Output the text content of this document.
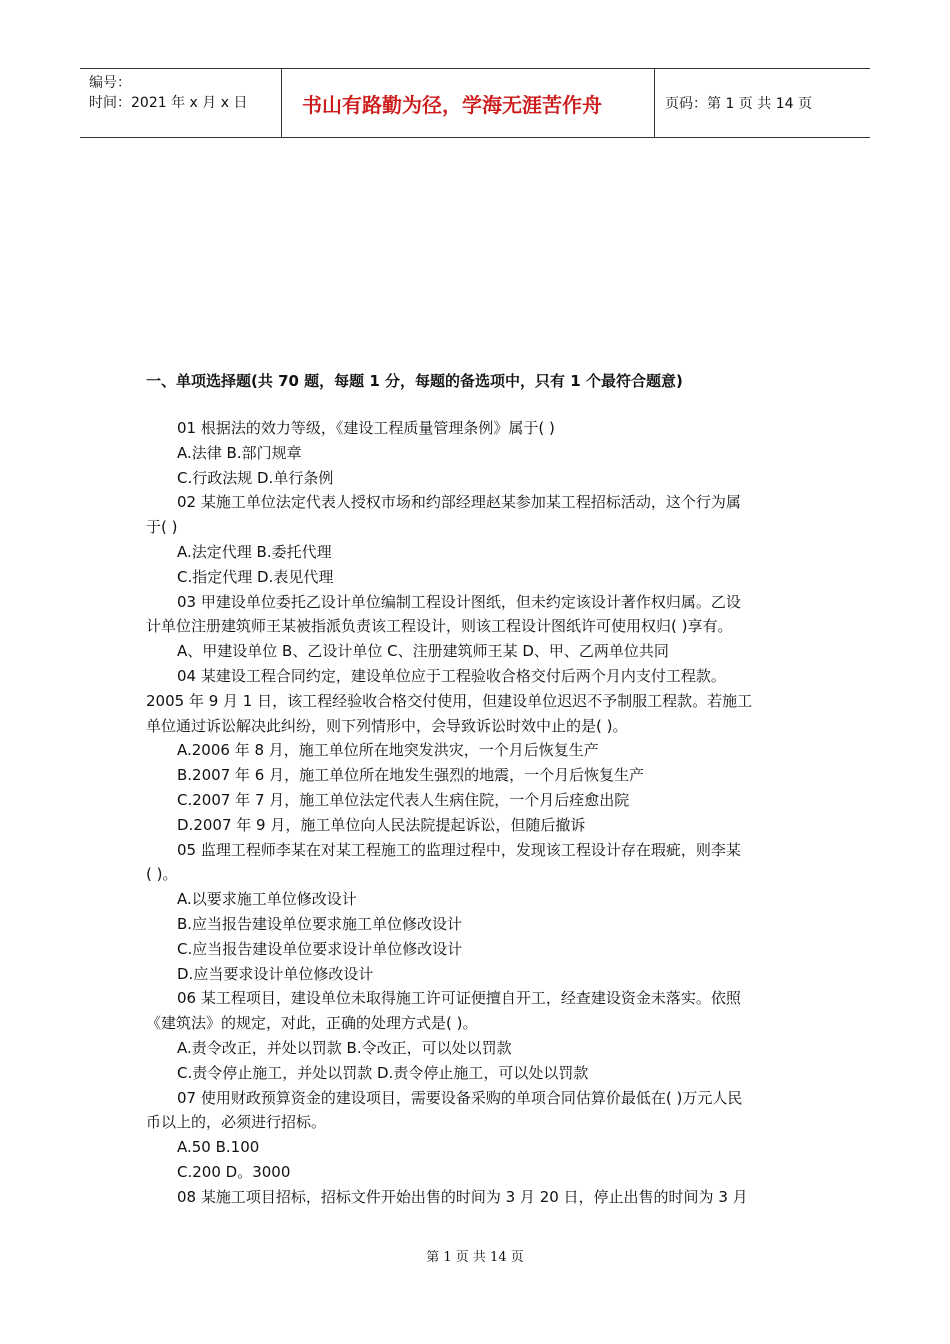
编号：
时间：2021 年 x 月 x 日	书山有路勤为径，学海无涯苦作舟	页码：第 1 页 共 14 页
一、单项选择题(共 70 题，每题 1 分，每题的备选项中，只有 1 个最符合题意)
01 根据法的效力等级，《建设工程质量管理条例》属于( )
A.法律 B.部门规章
C.行政法规 D.单行条例
02 某施工单位法定代表人授权市场和约部经理赵某参加某工程招标活动，这个行为属
于( )
A.法定代理 B.委托代理
C.指定代理 D.表见代理
03 甲建设单位委托乙设计单位编制工程设计图纸，但未约定该设计著作权归属。乙设
计单位注册建筑师王某被指派负责该工程设计，则该工程设计图纸许可使用权归( )享有。
A、甲建设单位 B、乙设计单位 C、注册建筑师王某 D、甲、乙两单位共同
04 某建设工程合同约定，建设单位应于工程验收合格交付后两个月内支付工程款。
2005 年 9 月 1 日，该工程经验收合格交付使用，但建设单位迟迟不予制服工程款。若施工
单位通过诉讼解决此纠纷，则下列情形中，会导致诉讼时效中止的是( )。
A.2006 年 8 月，施工单位所在地突发洪灾，一个月后恢复生产
B.2007 年 6 月，施工单位所在地发生强烈的地震，一个月后恢复生产
C.2007 年 7 月，施工单位法定代表人生病住院，一个月后痊愈出院
D.2007 年 9 月，施工单位向人民法院提起诉讼，但随后撤诉
05 监理工程师李某在对某工程施工的监理过程中，发现该工程设计存在瑕疵，则李某
( )。
A.以要求施工单位修改设计
B.应当报告建设单位要求施工单位修改设计
C.应当报告建设单位要求设计单位修改设计
D.应当要求设计单位修改设计
06 某工程项目，建设单位未取得施工许可证便擅自开工，经查建设资金未落实。依照
《建筑法》的规定，对此，正确的处理方式是( )。
A.责令改正，并处以罚款 B.令改正，可以处以罚款
C.责令停止施工，并处以罚款 D.责令停止施工，可以处以罚款
07 使用财政预算资金的建设项目，需要设备采购的单项合同估算价最低在( )万元人民
币以上的，必须进行招标。
A.50 B.100
C.200 D。3000
08 某施工项目招标，招标文件开始出售的时间为 3 月 20 日，停止出售的时间为 3 月
第 1 页 共 14 页
